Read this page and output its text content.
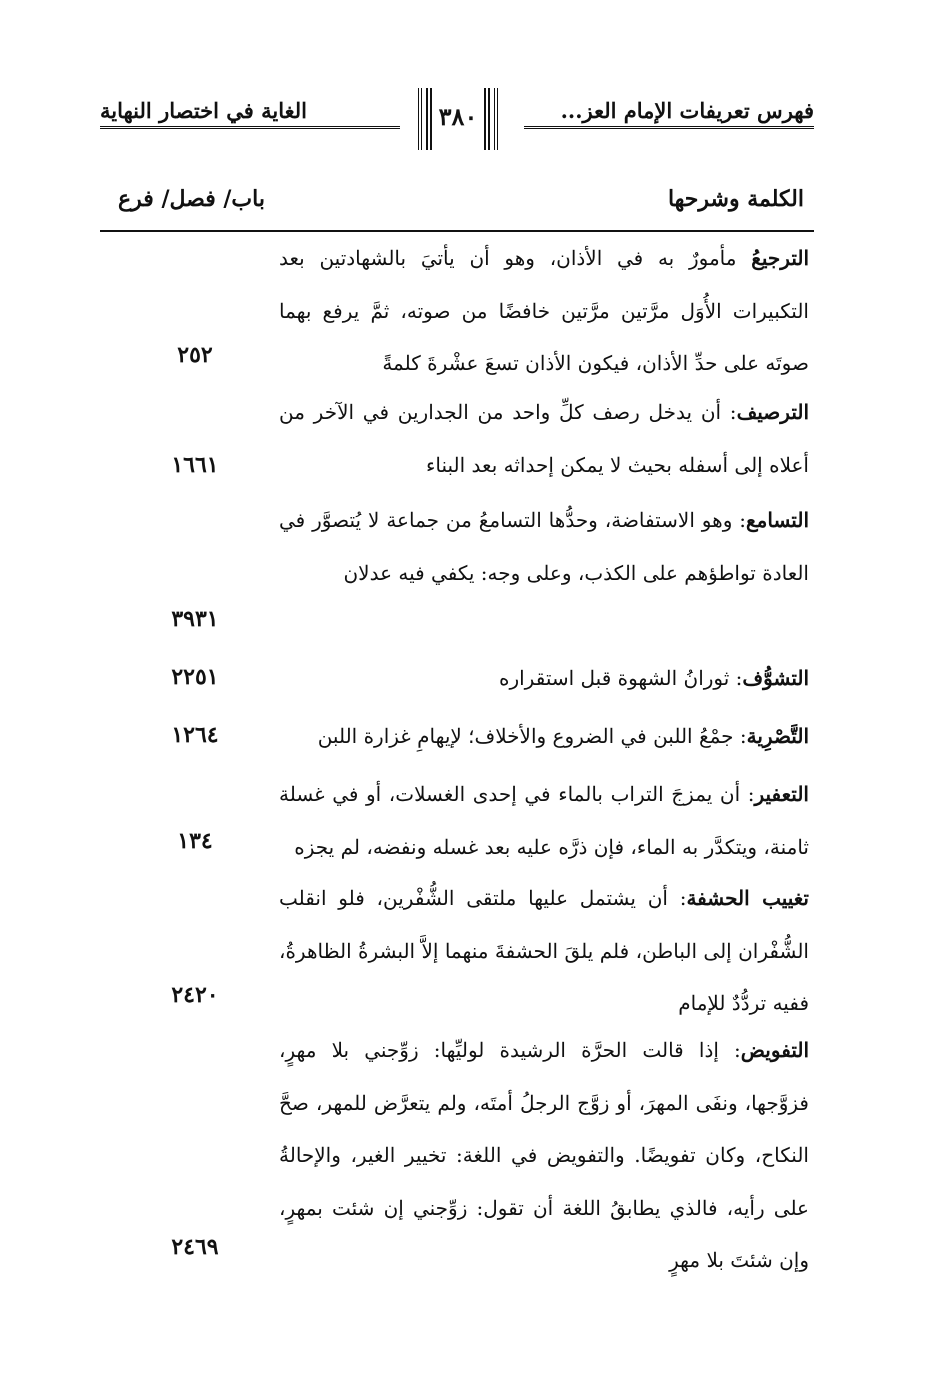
فهرس تعريفات الإمام العز...
٣٨٠
الغاية في اختصار النهاية
الكلمة وشرحها
باب/ فصل/ فرع
الترجيعُ مأمورٌ به في الأذان، وهو أن يأتيَ بالشهادتين بعد التكبيرات الأُوَل مرَّتين مرَّتين خافضًا من صوته، ثمَّ يرفع بهما صوتَه على حدِّ الأذان، فيكون الأذان تسعَ عشْرةَ كلمةً
٢٥٢
الترصيف: أن يدخل رصف كلِّ واحد من الجدارين في الآخر من أعلاه إلى أسفله بحيث لا يمكن إحداثه بعد البناء
١٦٦١
التسامع: وهو الاستفاضة، وحدُّها التسامعُ من جماعة لا يُتصوَّر في العادة تواطؤهم على الكذب، وعلى وجه: يكفي فيه عدلان
٣٩٣١
التشوُّف: ثورانُ الشهوة قبل استقراره
٢٢٥١
التَّصْرِية: جمْعُ اللبن في الضروع والأخلاف؛ لإيهامِ غزارة اللبن
١٢٦٤
التعفير: أن يمزجَ التراب بالماء في إحدى الغسلات، أو في غسلة ثامنة، ويتكدَّر به الماء، فإن ذرَّه عليه بعد غسله ونفضه، لم يجزه
١٣٤
تغييب الحشفة: أن يشتمل عليها ملتقى الشُّفْرين، فلو انقلب الشُّفْران إلى الباطن، فلم يلقَ الحشفةَ منهما إلاَّ البشرةُ الظاهرةُ، ففيه تردُّدٌ للإمام
٢٤٢٠
التفويض: إذا قالت الحرَّة الرشيدة لوليِّها: زوِّجني بلا مهرٍ، فزوَّجها، ونفَى المهرَ، أو زوَّج الرجلُ أمتَه، ولم يتعرَّض للمهر، صحَّ النكاح، وكان تفويضًا. والتفويض في اللغة: تخيير الغير، والإحالةُ على رأيه، فالذي يطابقُ اللغة أن تقول: زوِّجني إن شئت بمهرٍ، وإن شئتَ بلا مهرٍ
٢٤٦٩
